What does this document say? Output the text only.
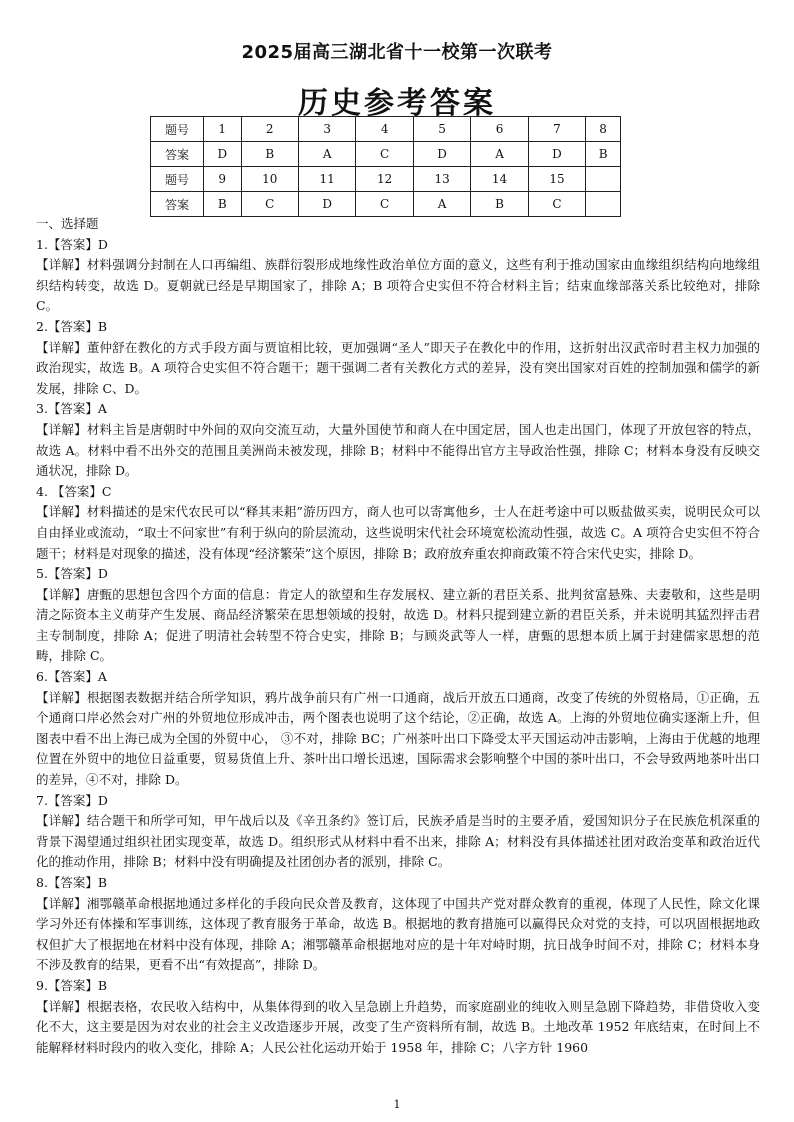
2025届高三湖北省十一校第一次联考
历史参考答案
题号	1	2	3	4	5	6	7	8
答案	D	B	A	C	D	A	D	B
题号	9	10	11	12	13	14	15	
答案	B	C	D	C	A	B	C	

一、选择题

1.【答案】D

【详解】材料强调分封制在人口再编组、族群衍裂形成地缘性政治单位方面的意义，这些有利于推动国家由血缘组织结构向地缘组织结构转变，故选 D。夏朝就已经是早期国家了，排除 A；B 项符合史实但不符合材料主旨；结束血缘部落关系比较绝对，排除 C。

2.【答案】B

【详解】董仲舒在教化的方式手段方面与贾谊相比较，更加强调“圣人”即天子在教化中的作用，这折射出汉武帝时君主权力加强的政治现实，故选 B。A 项符合史实但不符合题干；题干强调二者有关教化方式的差异，没有突出国家对百姓的控制加强和儒学的新发展，排除 C、D。

3.【答案】A

【详解】材料主旨是唐朝时中外间的双向交流互动，大量外国使节和商人在中国定居，国人也走出国门，体现了开放包容的特点，故选 A。材料中看不出外交的范围且美洲尚未被发现，排除 B；材料中不能得出官方主导政治性强，排除 C；材料本身没有反映交通状况，排除 D。

4. 【答案】C

【详解】材料描述的是宋代农民可以“释其耒耜”游历四方，商人也可以寄寓他乡，士人在赶考途中可以贩盐做买卖，说明民众可以自由择业或流动，“取士不问家世”有利于纵向的阶层流动，这些说明宋代社会环境宽松流动性强，故选 C。A 项符合史实但不符合题干；材料是对现象的描述，没有体现“经济繁荣”这个原因，排除 B；政府放弃重农抑商政策不符合宋代史实，排除 D。

5.【答案】D

【详解】唐甄的思想包含四个方面的信息：肯定人的欲望和生存发展权、建立新的君臣关系、批判贫富悬殊、夫妻敬和，这些是明清之际资本主义萌芽产生发展、商品经济繁荣在思想领域的投射，故选 D。材料只提到建立新的君臣关系，并未说明其猛烈抨击君主专制制度，排除 A；促进了明清社会转型不符合史实，排除 B；与顾炎武等人一样，唐甄的思想本质上属于封建儒家思想的范畴，排除 C。

6.【答案】A

【详解】根据图表数据并结合所学知识，鸦片战争前只有广州一口通商，战后开放五口通商，改变了传统的外贸格局，①正确，五个通商口岸必然会对广州的外贸地位形成冲击，两个图表也说明了这个结论，②正确，故选 A。上海的外贸地位确实逐渐上升，但图表中看不出上海已成为全国的外贸中心， ③不对，排除 BC；广州茶叶出口下降受太平天国运动冲击影响，上海由于优越的地理位置在外贸中的地位日益重要，贸易货值上升、茶叶出口增长迅速，国际需求会影响整个中国的茶叶出口，不会导致两地茶叶出口的差异，④不对，排除 D。

7.【答案】D

【详解】结合题干和所学可知，甲午战后以及《辛丑条约》签订后，民族矛盾是当时的主要矛盾，爱国知识分子在民族危机深重的背景下渴望通过组织社团实现变革，故选 D。组织形式从材料中看不出来，排除 A；材料没有具体描述社团对政治变革和政治近代化的推动作用，排除 B；材料中没有明确提及社团创办者的派别，排除 C。

8.【答案】B

【详解】湘鄂赣革命根据地通过多样化的手段向民众普及教育，这体现了中国共产党对群众教育的重视，体现了人民性，除文化课学习外还有体操和军事训练，这体现了教育服务于革命，故选 B。根据地的教育措施可以赢得民众对党的支持，可以巩固根据地政权但扩大了根据地在材料中没有体现，排除 A；湘鄂赣革命根据地对应的是十年对峙时期，抗日战争时间不对，排除 C；材料本身不涉及教育的结果，更看不出“有效提高”，排除 D。

9.【答案】B

【详解】根据表格，农民收入结构中，从集体得到的收入呈急剧上升趋势，而家庭副业的纯收入则呈急剧下降趋势，非借贷收入变化不大，这主要是因为对农业的社会主义改造逐步开展，改变了生产资料所有制，故选 B。土地改革 1952 年底结束，在时间上不能解释材料时段内的收入变化，排除 A；人民公社化运动开始于 1958 年，排除 C；八字方针 1960

1
